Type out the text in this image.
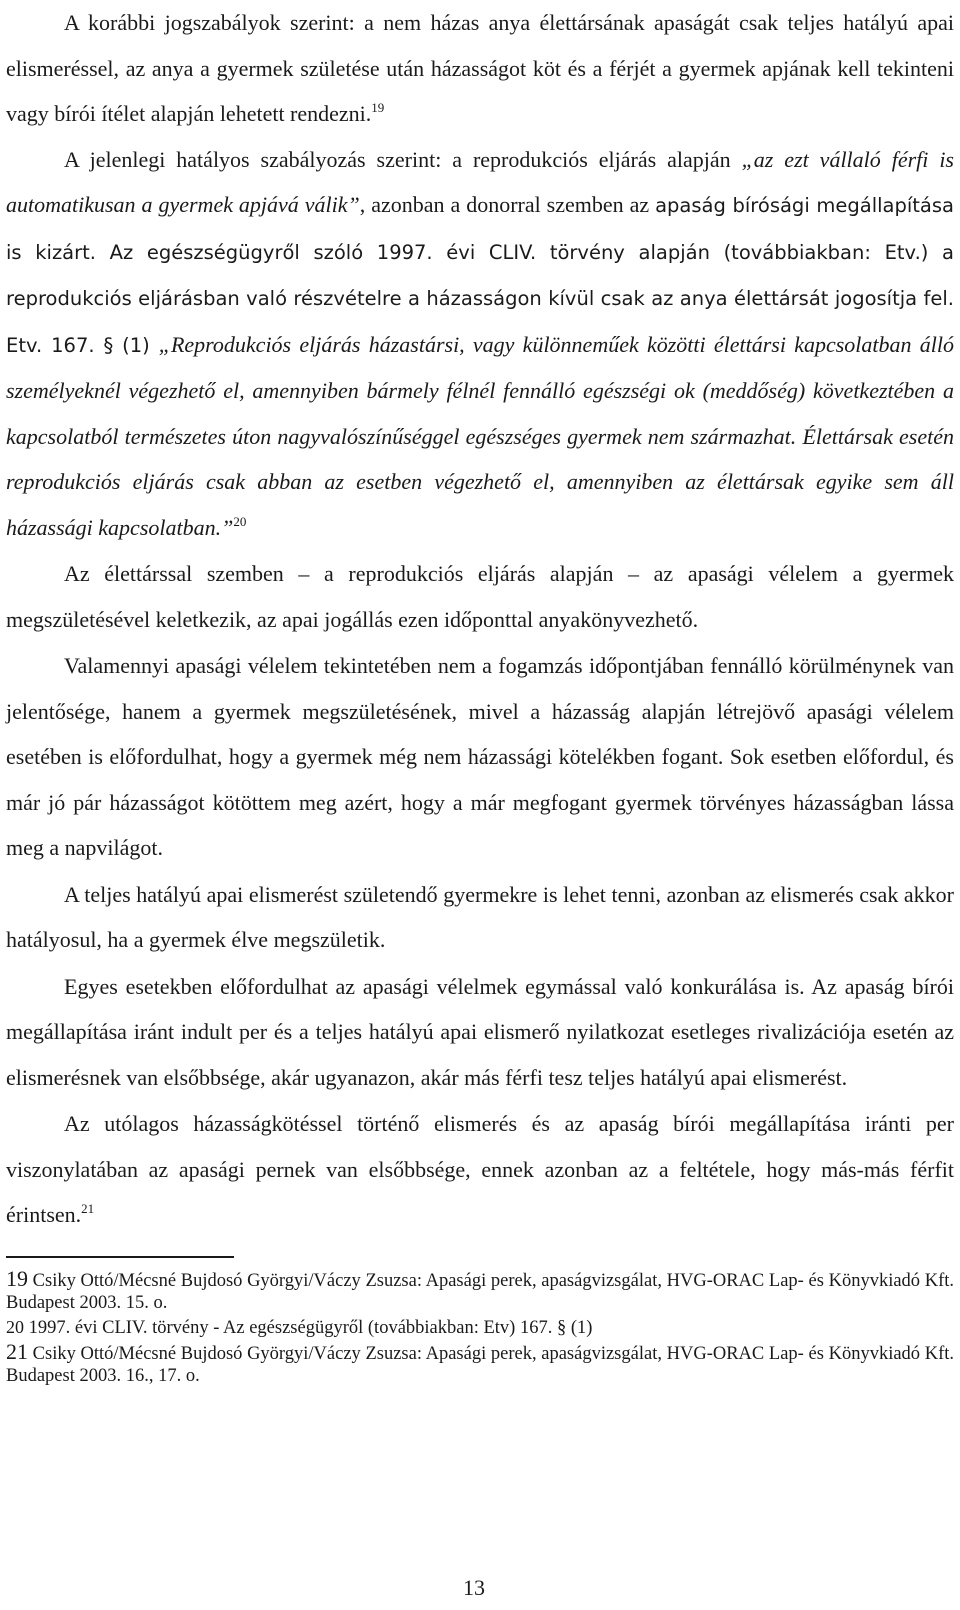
A korábbi jogszabályok szerint: a nem házas anya élettársának apaságát csak teljes hatályú apai elismeréssel, az anya a gyermek születése után házasságot köt és a férjét a gyermek apjának kell tekinteni vagy bírói ítélet alapján lehetett rendezni.$^{19}$

A jelenlegi hatályos szabályozás szerint: a reprodukciós eljárás alapján „az ezt vállaló férfi is automatikusan a gyermek apjává válik”, azonban a donorral szemben az apaság bírósági megállapítása is kizárt. Az egészségügyről szóló 1997. évi CLIV. törvény alapján (továbbiakban: Etv.) a reprodukciós eljárásban való részvételre a házasságon kívül csak az anya élettársát jogosítja fel. Etv. 167. § (1) „Reprodukciós eljárás házastársi, vagy különneműek közötti élettársi kapcsolatban álló személyeknél végezhető el, amennyiben bármely félnél fennálló egészségi ok (meddőség) következtében a kapcsolatból természetes úton nagyvalószínűséggel egészséges gyermek nem származhat. Élettársak esetén reprodukciós eljárás csak abban az esetben végezhető el, amennyiben az élettársak egyike sem áll házassági kapcsolatban.”$^{20}$

Az élettárssal szemben – a reprodukciós eljárás alapján – az apasági vélelem a gyermek megszületésével keletkezik, az apai jogállás ezen időponttal anyakönyvezhető.

Valamennyi apasági vélelem tekintetében nem a fogamzás időpontjában fennálló körülménynek van jelentősége, hanem a gyermek megszületésének, mivel a házasság alapján létrejövő apasági vélelem esetében is előfordulhat, hogy a gyermek még nem házassági kötelékben fogant. Sok esetben előfordul, és már jó pár házasságot kötöttem meg azért, hogy a már megfogant gyermek törvényes házasságban lássa meg a napvilágot.

A teljes hatályú apai elismerést születendő gyermekre is lehet tenni, azonban az elismerés csak akkor hatályosul, ha a gyermek élve megszületik.

Egyes esetekben előfordulhat az apasági vélelmek egymással való konkurálása is. Az apaság bírói megállapítása iránt indult per és a teljes hatályú apai elismerő nyilatkozat esetleges rivalizációja esetén az elismerésnek van elsőbbsége, akár ugyanazon, akár más férfi tesz teljes hatályú apai elismerést.

Az utólagos házasságkötéssel történő elismerés és az apaság bírói megállapítása iránti per viszonylatában az apasági pernek van elsőbbsége, ennek azonban az a feltétele, hogy más-más férfit érintsen.$^{21}$

19 Csiky Ottó/Mécsné Bujdosó Györgyi/Váczy Zsuzsa: Apasági perek, apaságvizsgálat, HVG-ORAC Lap- és Könyvkiadó Kft. Budapest 2003. 15. o.

20 1997. évi CLIV. törvény - Az egészségügyről (továbbiakban: Etv) 167. § (1)

21 Csiky Ottó/Mécsné Bujdosó Györgyi/Váczy Zsuzsa: Apasági perek, apaságvizsgálat, HVG-ORAC Lap- és Könyvkiadó Kft. Budapest 2003. 16., 17. o.

13
